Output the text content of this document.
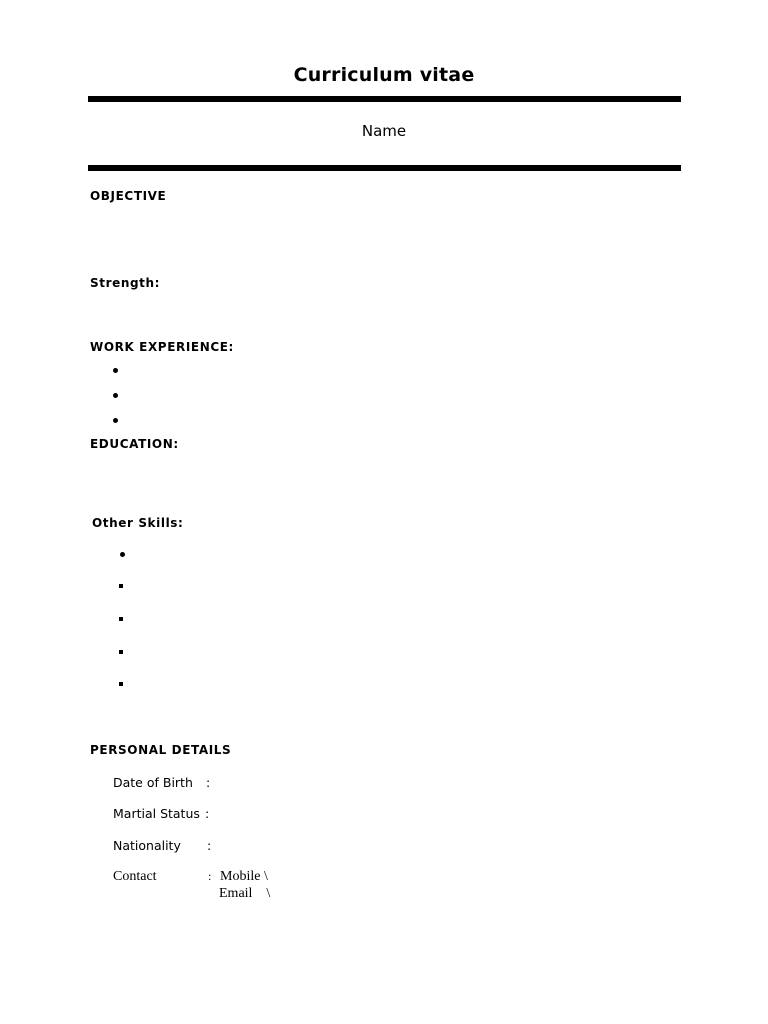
Curriculum vitae
Name
OBJECTIVE
Strength:
WORK EXPERIENCE:
EDUCATION:
Other Skills:
PERSONAL DETAILS
Date of Birth :
Martial Status :
Nationality :
Contact	: Mobile \
Email    \
